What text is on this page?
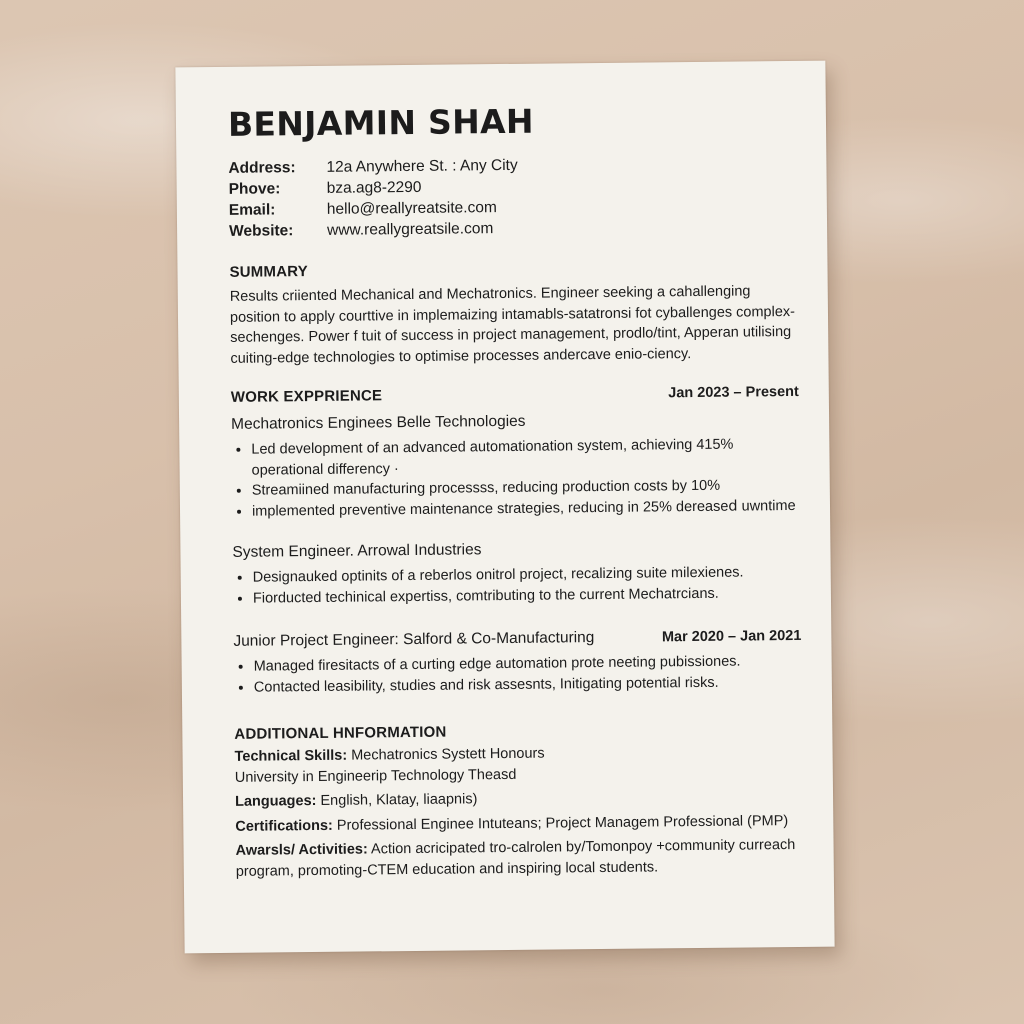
BENJAMIN SHAH
Address:	12a Anywhere St. : Any City
Phove:	bza.ag8-2290
Email:	hello@reallyreatsite.com
Website:	www.reallygreatsile.com
SUMMARY

Results criiented Mechanical and Mechatronics. Engineer seeking a cahallenging position to apply courttive in implemaizing intamabls-satatronsi fot cyballenges complex-sechenges. Power f tuit of success in project management, prodlo/tint, Apperan utilising cuiting-edge technologies to optimise processes andercave enio-ciency.

WORK EXPPRIENCE	Jan 2023 – Present

Mechatronics Enginees Belle Technologies

• Led development of an advanced automationation system, achieving 415% operational differency ·
• Streamiined manufacturing processss, reducing production costs by 10%
• implemented preventive maintenance strategies, reducing in 25% derease𝖽 uwntime

System Engineer. Arrowal Industries

• Designauked optinits of a reberlos onitrol project, recalizing suite milexienes.
• Fiorducted techinical expertiss, comtributing to the current Mechatrcians.

Junior Project Engineer: Salford & Co-Manufacturing	Mar 2020 – Jan 2021
• Managed firesitacts of a curting edge automation prote neeting pubissiones.
• Contacted leasibility, studies and risk assesnts, Initigating potential risks.
ADDITIONAL HNFORMATION

Technical Skills: Mechatronics Systett Honours
University in Engineerip Technology Theasd

Languages: English, Klatay, liaapnis)

Certifications: Professional Enginee Intuteans; Project Managem Professional (PMP)

Awarsls/ Activities: Action acricipated tro-calrolen by/Tomonpoy +community curreach program, promoting-CTEM education and inspiring local students.
